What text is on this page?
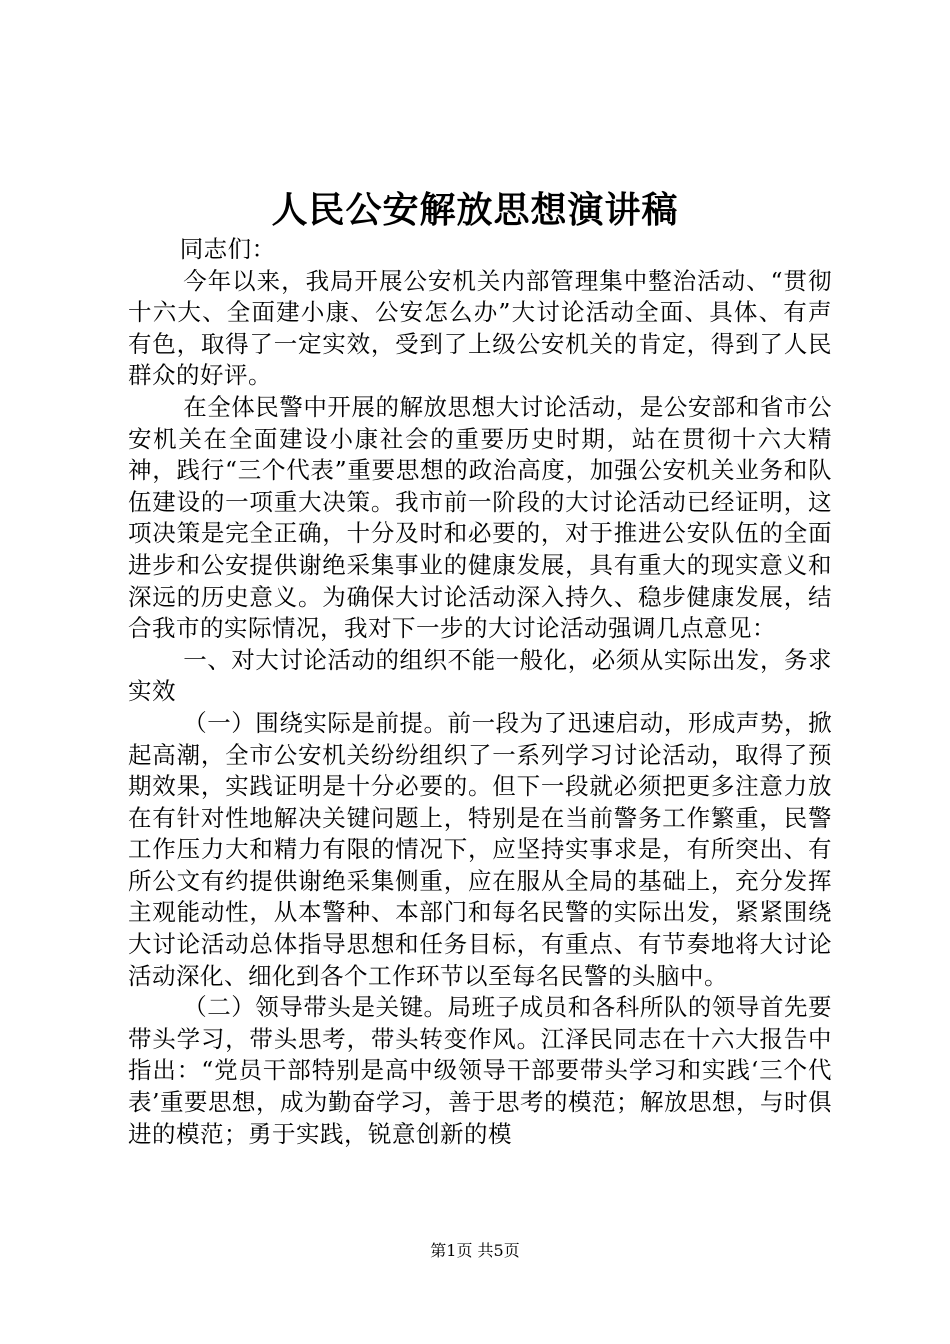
人民公安解放思想演讲稿

同志们：

今年以来，我局开展公安机关内部管理集中整治活动、“贯彻十六大、全面建小康、公安怎么办”大讨论活动全面、具体、有声有色，取得了一定实效，受到了上级公安机关的肯定，得到了人民群众的好评。

在全体民警中开展的解放思想大讨论活动，是公安部和省市公安机关在全面建设小康社会的重要历史时期，站在贯彻十六大精神，践行“三个代表”重要思想的政治高度，加强公安机关业务和队伍建设的一项重大决策。我市前一阶段的大讨论活动已经证明，这项决策是完全正确，十分及时和必要的，对于推进公安队伍的全面进步和公安提供谢绝采集事业的健康发展，具有重大的现实意义和深远的历史意义。为确保大讨论活动深入持久、稳步健康发展，结合我市的实际情况，我对下一步的大讨论活动强调几点意见：

一、对大讨论活动的组织不能一般化，必须从实际出发，务求实效

（一）围绕实际是前提。前一段为了迅速启动，形成声势，掀起高潮，全市公安机关纷纷组织了一系列学习讨论活动，取得了预期效果，实践证明是十分必要的。但下一段就必须把更多注意力放在有针对性地解决关键问题上，特别是在当前警务工作繁重，民警工作压力大和精力有限的情况下，应坚持实事求是，有所突出、有所公文有约提供谢绝采集侧重，应在服从全局的基础上，充分发挥主观能动性，从本警种、本部门和每名民警的实际出发，紧紧围绕大讨论活动总体指导思想和任务目标，有重点、有节奏地将大讨论活动深化、细化到各个工作环节以至每名民警的头脑中。

（二）领导带头是关键。局班子成员和各科所队的领导首先要带头学习，带头思考，带头转变作风。江泽民同志在十六大报告中指出：“党员干部特别是高中级领导干部要带头学习和实践‘三个代表’重要思想，成为勤奋学习，善于思考的模范；解放思想，与时俱进的模范；勇于实践，锐意创新的模

第1页 共5页
